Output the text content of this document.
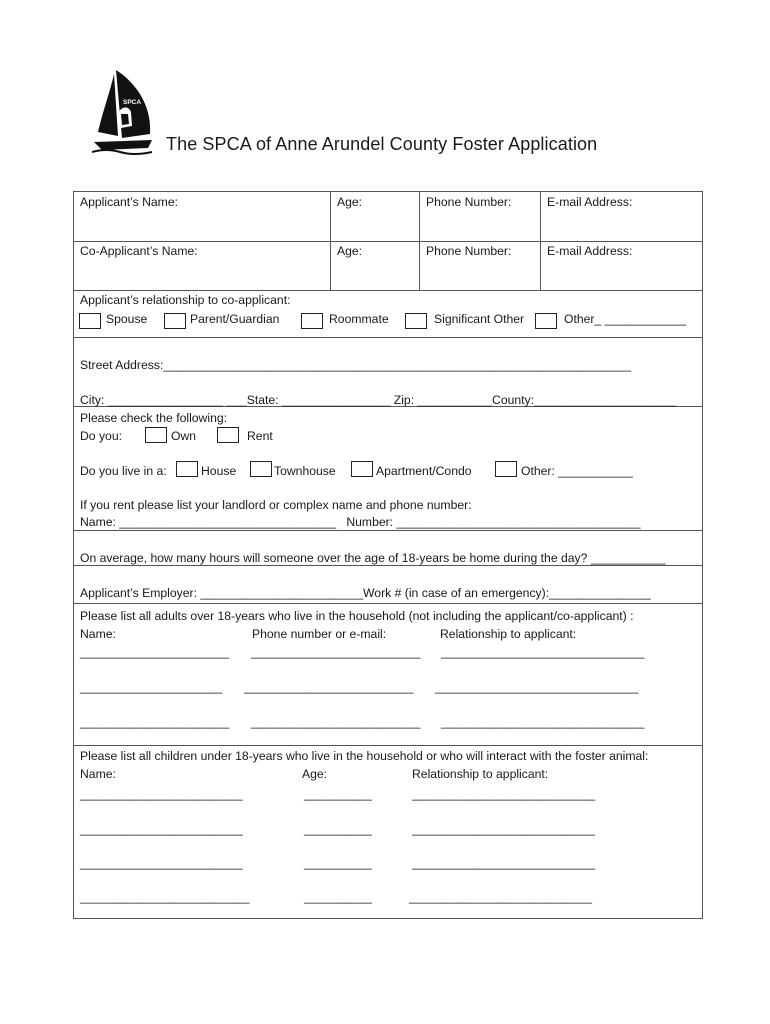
SPCA
The SPCA of Anne Arundel County Foster Application
Applicant’s Name:	Age:	Phone Number:	E-mail Address:
Co-Applicant’s Name:	Age:	Phone Number:	E-mail Address:
Applicant’s relationship to co-applicant:
Spouse	Parent/Guardian	Roommate	Significant Other	Other_ ____________
Street Address:_____________________________________________________________________
City: _________________ ___State: ________________ Zip: ___________County:_____________________
Please check the following:
Do you:	Own	Rent
Do you live in a:	House	Townhouse	Apartment/Condo	Other: ___________
If you rent please list your landlord or complex name and phone number:
Name: ________________________________   Number: ____________________________________
On average, how many hours will someone over the age of 18-years be home during the day? ___________
Applicant’s Employer: ________________________Work # (in case of an emergency):_______________
Please list all adults over 18-years who live in the household (not including the applicant/co-applicant) :
Name:	Phone number or e-mail:	Relationship to applicant:
______________________ _________________________ ______________________________
_____________________ _________________________ ______________________________
______________________ _________________________ ______________________________
Please list all children under 18-years who live in the household or who will interact with the foster animal:
Name:	Age:	Relationship to applicant:
________________________	__________	___________________________
________________________	__________	___________________________
________________________	__________	___________________________
_________________________	__________	___________________________
